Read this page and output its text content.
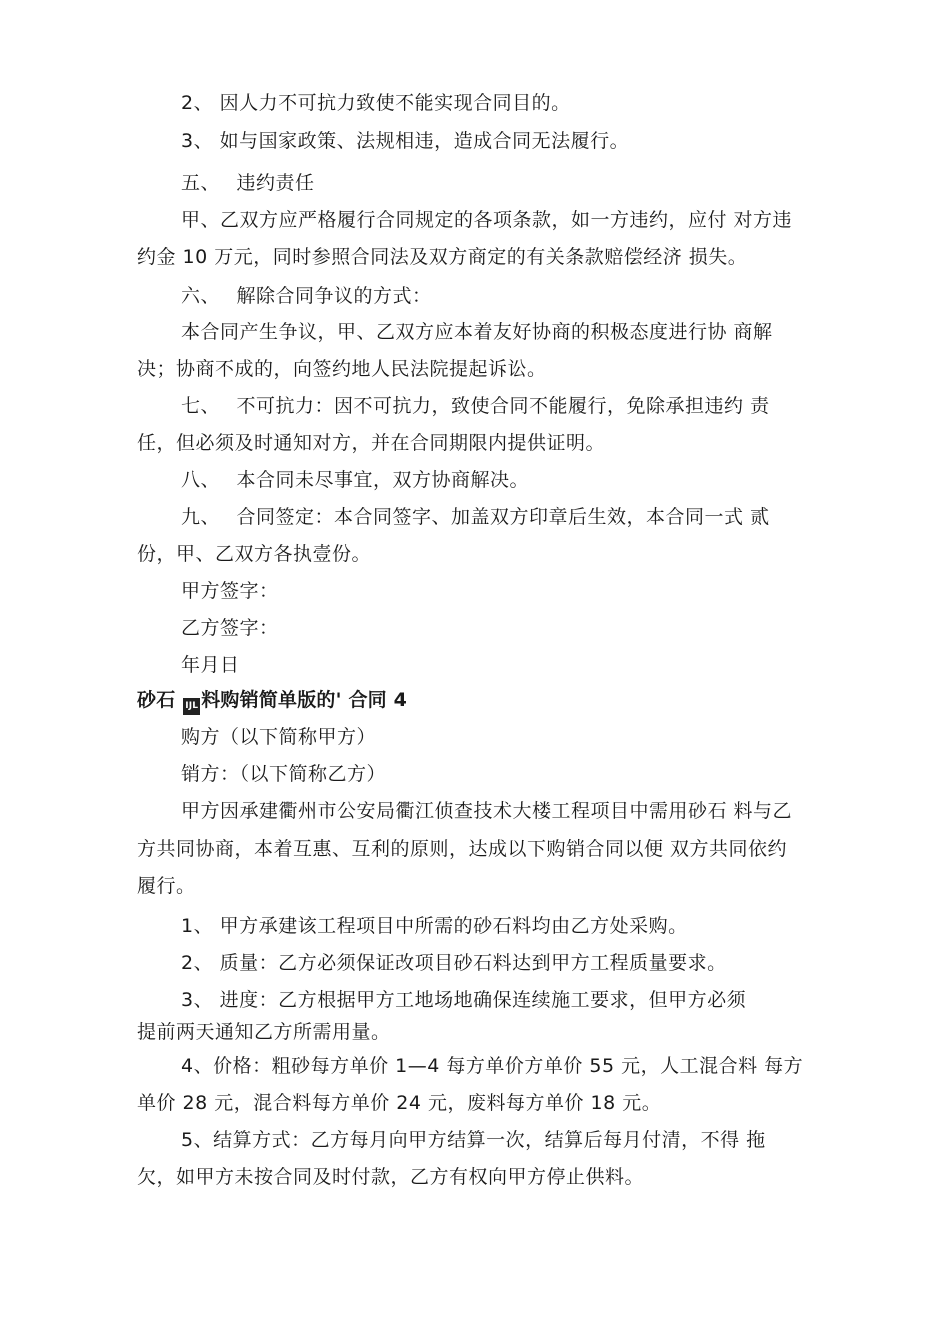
2、 因人力不可抗力致使不能实现合同目的。
3、 如与国家政策、法规相违，造成合同无法履行。
五、　 违约责任
甲、乙双方应严格履行合同规定的各项条款，如一方违约，应付 对方违
约金 10 万元，同时参照合同法及双方商定的有关条款赔偿经济 损失。
六、　 解除合同争议的方式：
本合同产生争议，甲、乙双方应本着友好协商的积极态度进行协 商解
决；协商不成的，向签约地人民法院提起诉讼。
七、　 不可抗力：因不可抗力，致使合同不能履行，免除承担违约 责
任，但必须及时通知对方，并在合同期限内提供证明。
八、　 本合同未尽事宜，双方协商解决。
九、　 合同签定：本合同签字、加盖双方印章后生效，本合同一式 贰
份，甲、乙双方各执壹份。
甲方签字：
乙方签字：
年月日
砂石 IJL 料购销简单版的' 合同 4
购方（以下简称甲方）
销方：（以下简称乙方）
甲方因承建衢州市公安局衢江侦查技术大楼工程项目中需用砂石 料与乙
方共同协商，本着互惠、互利的原则，达成以下购销合同以便 双方共同依约
履行。
1、 甲方承建该工程项目中所需的砂石料均由乙方处采购。
2、 质量：乙方必须保证改项目砂石料达到甲方工程质量要求。
3、 进度：乙方根据甲方工地场地确保连续施工要求，但甲方必须
提前两天通知乙方所需用量。
4、价格：粗砂每方单价 1—4 每方单价方单价 55 元，人工混合料 每方
单价 28 元，混合料每方单价 24 元，废料每方单价 18 元。
5、结算方式：乙方每月向甲方结算一次，结算后每月付清，不得 拖
欠，如甲方未按合同及时付款，乙方有权向甲方停止供料。
